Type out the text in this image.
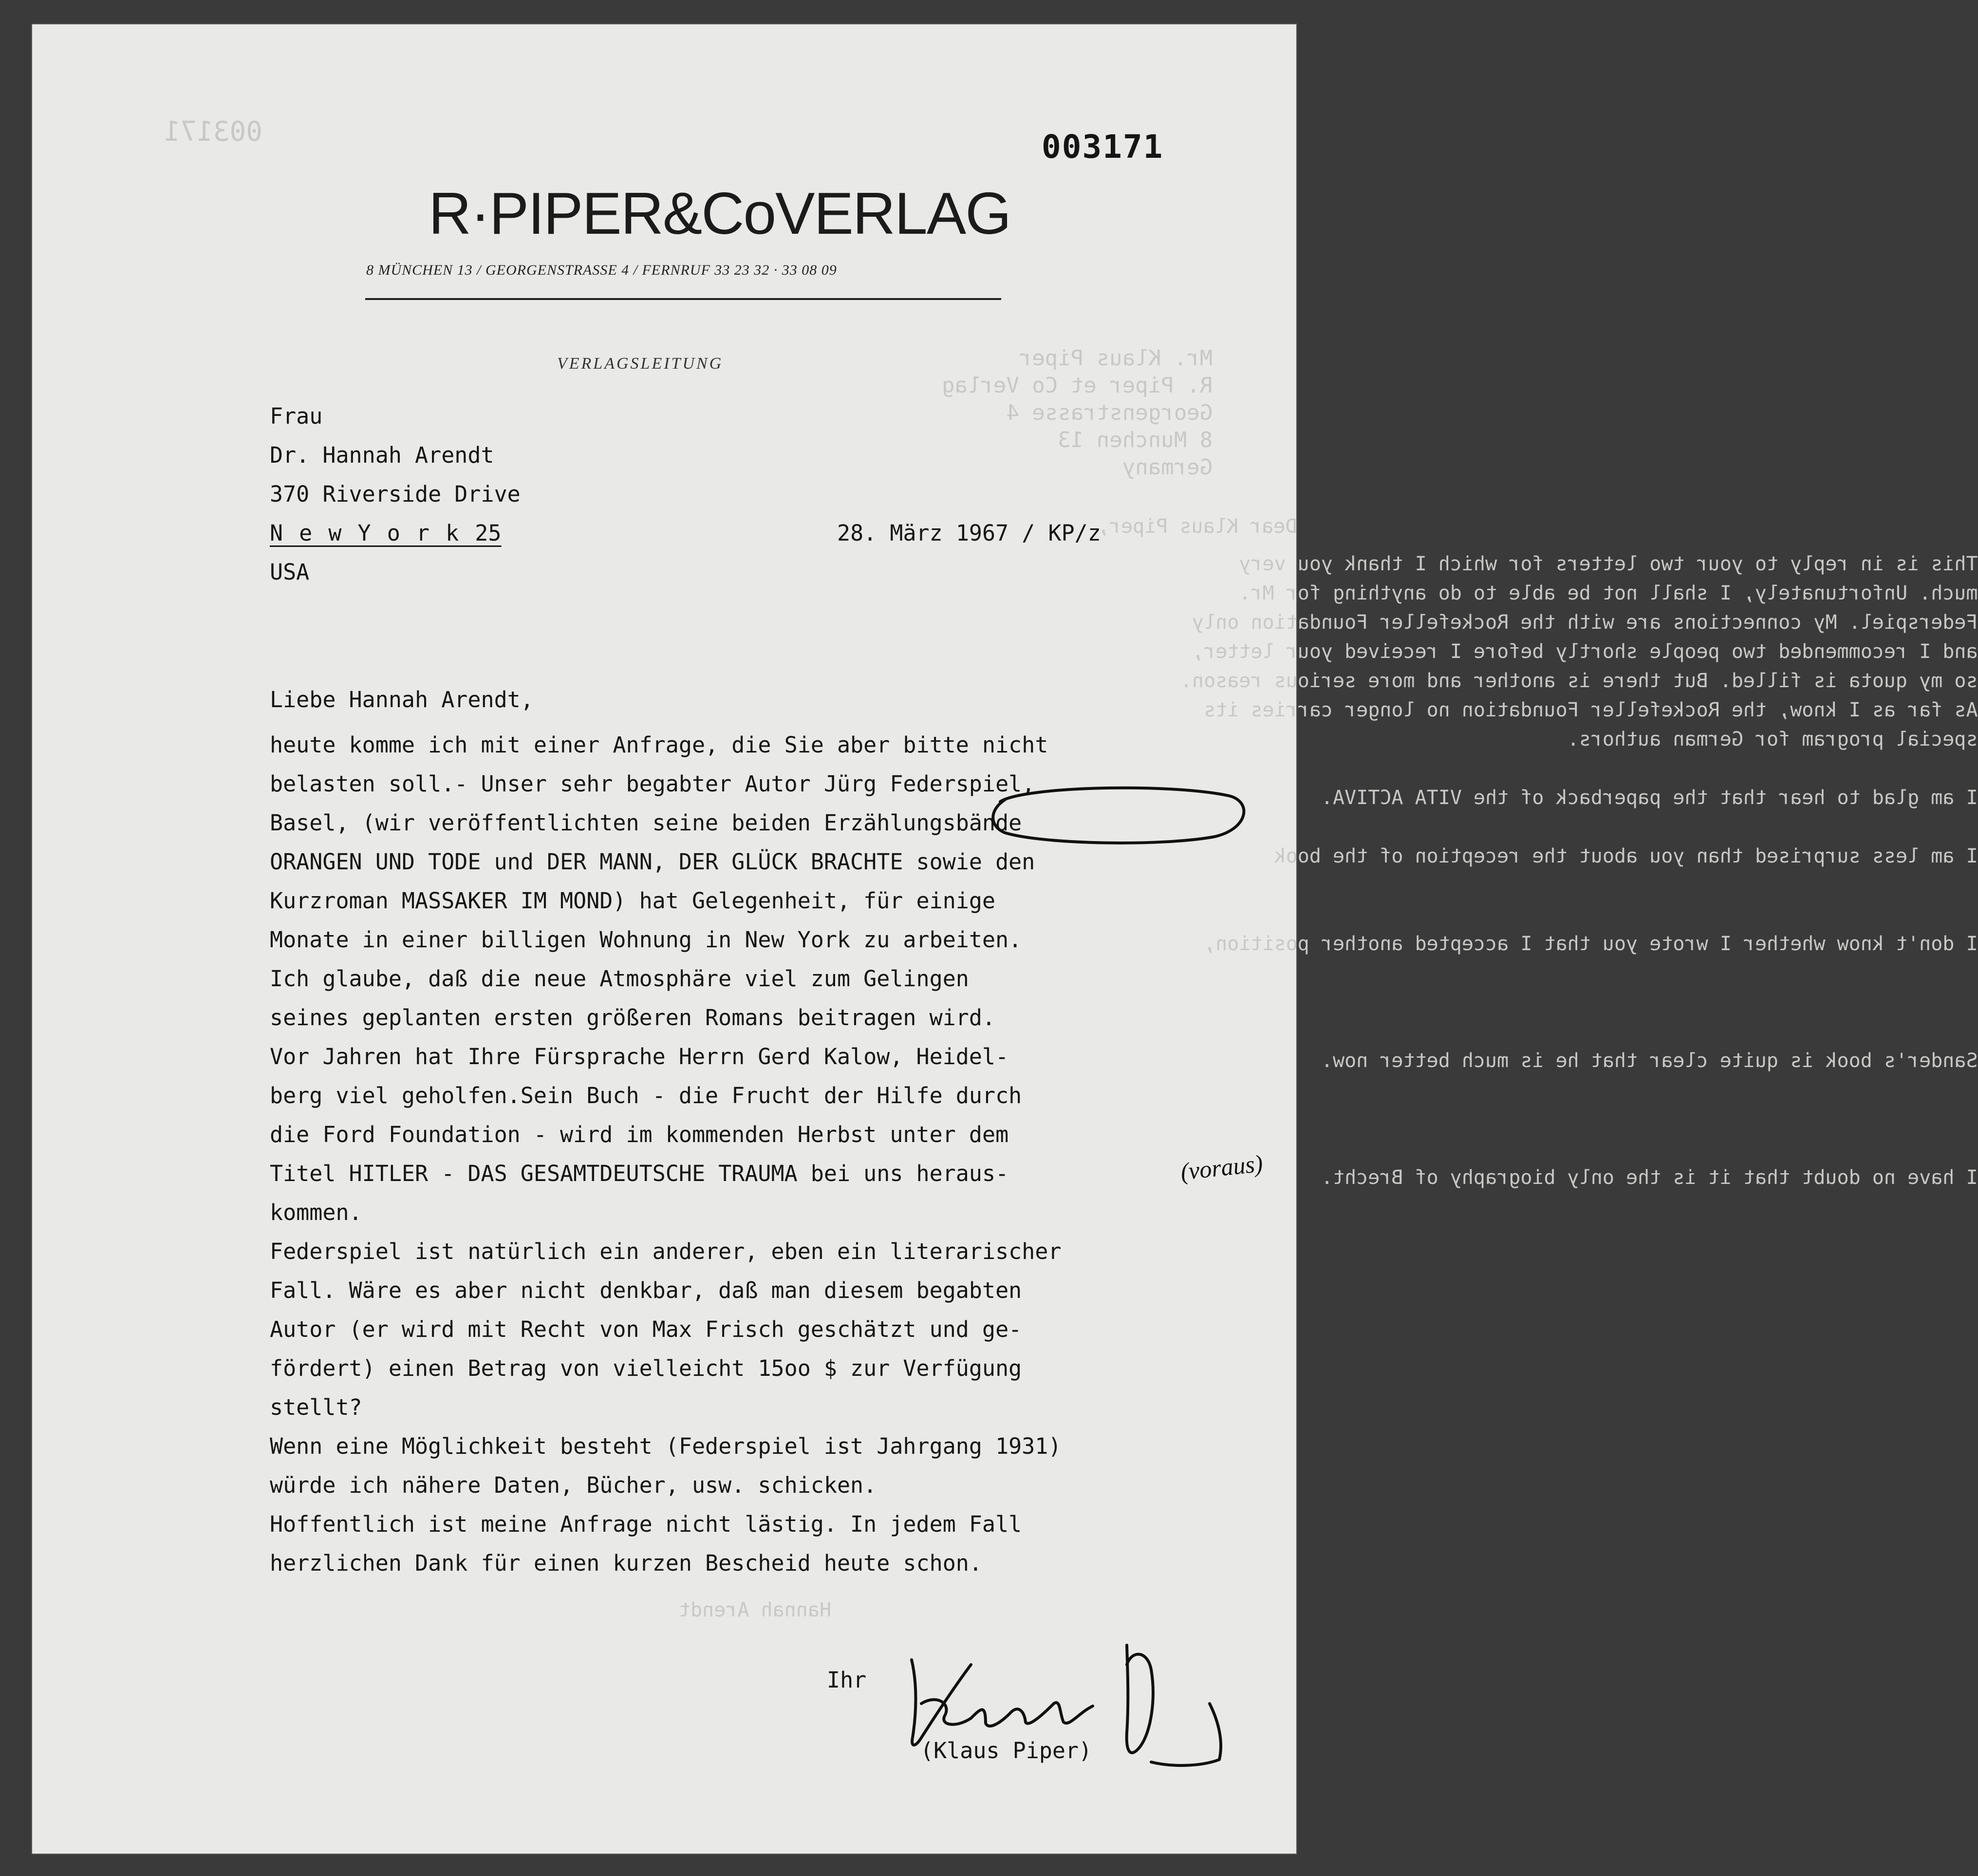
003171
Mr. Klaus Piper
R. Piper et Co Verlag
Georgenstrasse 4
8 Munchen 13
Germany
Dear Klaus Piper,
This is in reply to your two letters for which I thank you very
much. Unfortunately, I shall not be able to do anything for Mr.
Federspiel. My connections are with the Rockefeller Foundation only
and I recommended two people shortly before I received your letter,
so my quota is filled. But there is another and more serious reason.
As far as I know, the Rockefeller Foundation no longer carries its
special program for German authors.
I am glad to hear that the paperback of the VITA ACTIVA.
I am less surprised than you about the reception of the book
I don't know whether I wrote you that I accepted another position,
Sander's book is quite clear that he is much better now.
I have no doubt that it is the only biography of Brecht.
Hannah Arendt
003171
R·PIPER&CoVERLAG
8 MÜNCHEN 13 / GEORGENSTRASSE 4 / FERNRUF 33 23 32 · 33 08 09
VERLAGSLEITUNG
Frau
Dr. Hannah Arendt
370 Riverside Drive
N e w Y o r k 25
USA
28. März 1967 / KP/z
Liebe Hannah Arendt,
heute komme ich mit einer Anfrage, die Sie aber bitte nicht
belasten soll.- Unser sehr begabter Autor Jürg Federspiel,
Basel, (wir veröffentlichten seine beiden Erzählungsbände
ORANGEN UND TODE und DER MANN, DER GLÜCK BRACHTE sowie den
Kurzroman MASSAKER IM MOND) hat Gelegenheit, für einige
Monate in einer billigen Wohnung in New York zu arbeiten.
Ich glaube, daß die neue Atmosphäre viel zum Gelingen
seines geplanten ersten größeren Romans beitragen wird.
Vor Jahren hat Ihre Fürsprache Herrn Gerd Kalow, Heidel-
berg viel geholfen.Sein Buch - die Frucht der Hilfe durch
die Ford Foundation - wird im kommenden Herbst unter dem
Titel HITLER - DAS GESAMTDEUTSCHE TRAUMA bei uns heraus-
kommen.
Federspiel ist natürlich ein anderer, eben ein literarischer
Fall. Wäre es aber nicht denkbar, daß man diesem begabten
Autor (er wird mit Recht von Max Frisch geschätzt und ge-
fördert) einen Betrag von vielleicht 15oo $ zur Verfügung
stellt?
Wenn eine Möglichkeit besteht (Federspiel ist Jahrgang 1931)
würde ich nähere Daten, Bücher, usw. schicken.
Hoffentlich ist meine Anfrage nicht lästig. In jedem Fall
herzlichen Dank für einen kurzen Bescheid heute schon.
(voraus)
Ihr
(Klaus Piper)
